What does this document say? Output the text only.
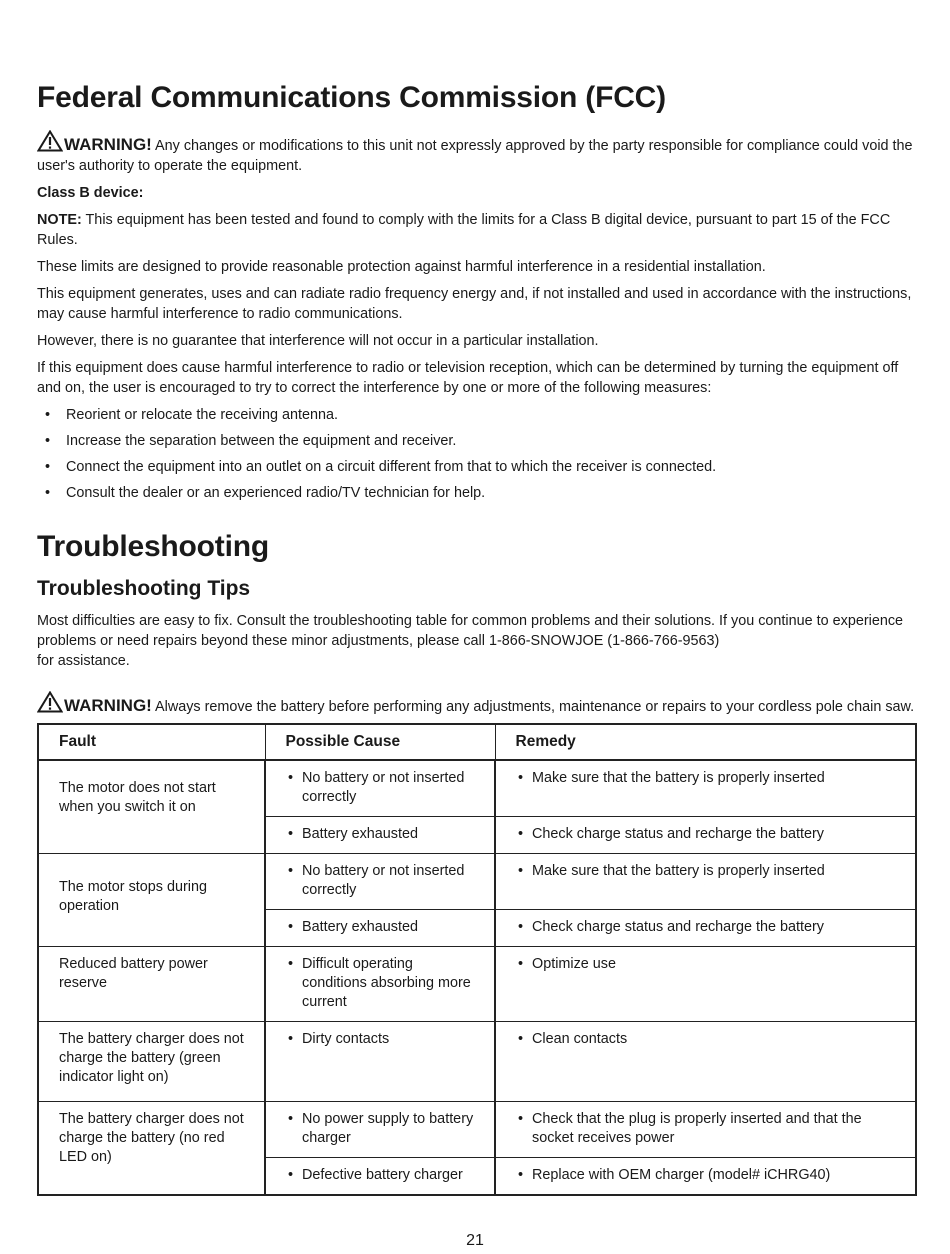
Federal Communications Commission (FCC)

WARNING! Any changes or modifications to this unit not expressly approved by the party responsible for compliance could void the user's authority to operate the equipment.

Class B device:

NOTE: This equipment has been tested and found to comply with the limits for a Class B digital device, pursuant to part 15 of the FCC Rules.

These limits are designed to provide reasonable protection against harmful interference in a residential installation.

This equipment generates, uses and can radiate radio frequency energy and, if not installed and used in accordance with the instructions, may cause harmful interference to radio communications.

However, there is no guarantee that interference will not occur in a particular installation.

If this equipment does cause harmful interference to radio or television reception, which can be determined by turning the equipment off and on, the user is encouraged to try to correct the interference by one or more of the following measures:

• Reorient or relocate the receiving antenna.
• Increase the separation between the equipment and receiver.
• Connect the equipment into an outlet on a circuit different from that to which the receiver is connected.
• Consult the dealer or an experienced radio/TV technician for help.
Troubleshooting
Troubleshooting Tips

Most difficulties are easy to fix. Consult the troubleshooting table for common problems and their solutions. If you continue to experience problems or need repairs beyond these minor adjustments, please call 1-866-SNOWJOE (1-866-766-9563)
for assistance.

WARNING! Always remove the battery before performing any adjustments, maintenance or repairs to your cordless pole chain saw.

Fault	Possible Cause	Remedy
The motor does not start when you switch it on	• No battery or not inserted correctly	• Make sure that the battery is properly inserted

	• Battery exhausted	• Check charge status and recharge the battery

The motor stops during operation	• No battery or not inserted correctly	• Make sure that the battery is properly inserted

	• Battery exhausted	• Check charge status and recharge the battery

Reduced battery power reserve	• Difficult operating conditions absorbing more current	• Optimize use

The battery charger does not charge the battery (green indicator light on)	• Dirty contacts	• Clean contacts

The battery charger does not charge the battery (no red LED on)	• No power supply to battery charger	• Check that the plug is properly inserted and that the socket receives power

	• Defective battery charger	• Replace with OEM charger (model# iCHRG40)
21
